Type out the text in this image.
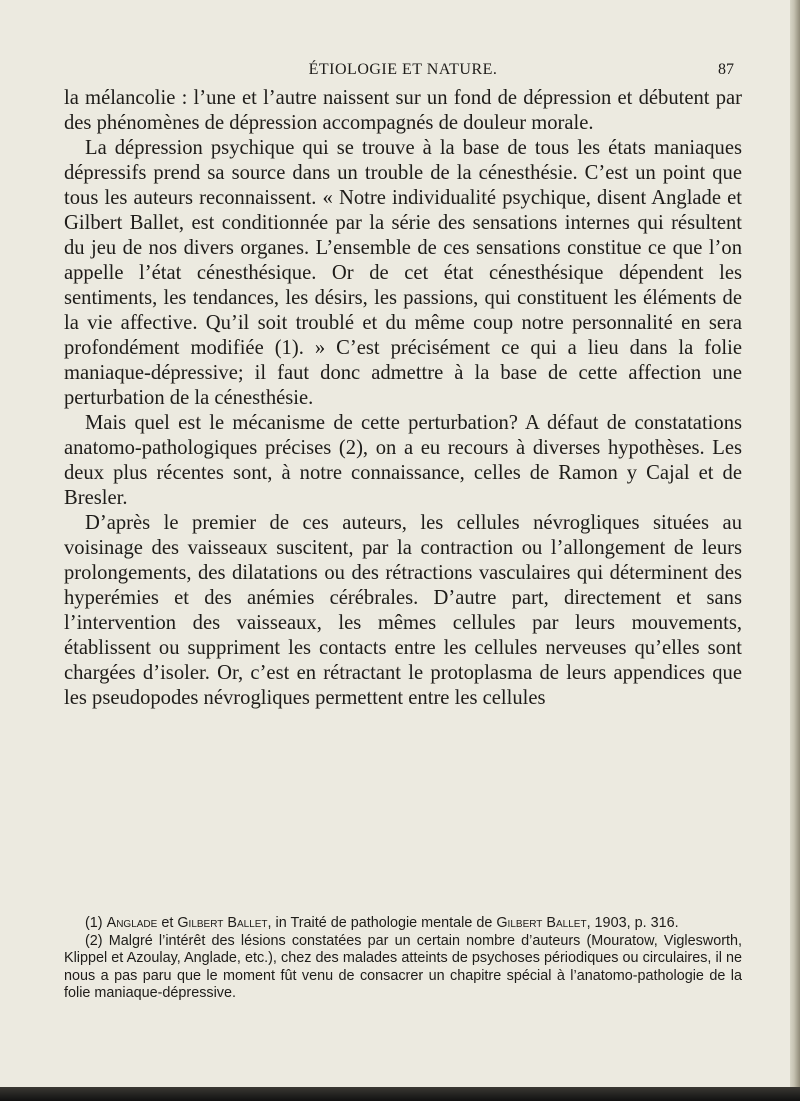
ÉTIOLOGIE ET NATURE.	87

la mélancolie : l’une et l’autre naissent sur un fond de dépression et débutent par des phénomènes de dépression accompagnés de douleur morale.

La dépression psychique qui se trouve à la base de tous les états maniaques dépressifs prend sa source dans un trouble de la cénesthésie. C’est un point que tous les auteurs reconnaissent. « Notre individualité psychique, disent Anglade et Gilbert Ballet, est conditionnée par la série des sensations internes qui résultent du jeu de nos divers organes. L’ensemble de ces sensations constitue ce que l’on appelle l’état cénesthésique. Or de cet état cénesthésique dépendent les sentiments, les tendances, les désirs, les passions, qui constituent les éléments de la vie affective. Qu’il soit troublé et du même coup notre personnalité en sera profondément modifiée (1). » C’est précisément ce qui a lieu dans la folie maniaque-dépressive; il faut donc admettre à la base de cette affection une perturbation de la cénesthésie.

Mais quel est le mécanisme de cette perturbation? A défaut de constatations anatomo-pathologiques précises (2), on a eu recours à diverses hypothèses. Les deux plus récentes sont, à notre connaissance, celles de Ramon y Cajal et de Bresler.

D’après le premier de ces auteurs, les cellules névrogliques situées au voisinage des vaisseaux suscitent, par la contraction ou l’allongement de leurs prolongements, des dilatations ou des rétractions vasculaires qui déterminent des hyperémies et des anémies cérébrales. D’autre part, directement et sans l’intervention des vaisseaux, les mêmes cellules par leurs mouvements, établissent ou suppriment les contacts entre les cellules nerveuses qu’elles sont chargées d’isoler. Or, c’est en rétractant le protoplasma de leurs appendices que les pseudopodes névrogliques permettent entre les cellules

(1) Anglade et Gilbert Ballet, in Traité de pathologie mentale de Gilbert Ballet, 1903, p. 316.

(2) Malgré l’intérêt des lésions constatées par un certain nombre d’auteurs (Mouratow, Viglesworth, Klippel et Azoulay, Anglade, etc.), chez des malades atteints de psychoses périodiques ou circulaires, il ne nous a pas paru que le moment fût venu de consacrer un chapitre spécial à l’anatomo-pathologie de la folie maniaque-dépressive.
